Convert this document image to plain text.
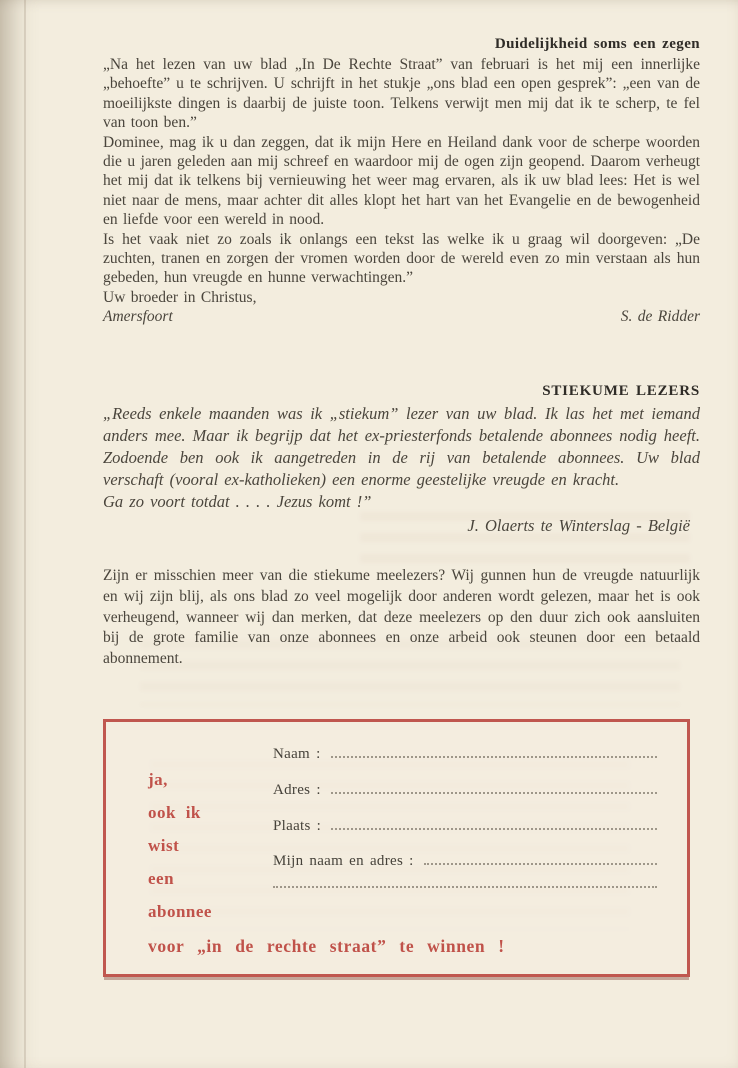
Duidelijkheid soms een zegen

„Na het lezen van uw blad „In De Rechte Straat” van februari is het mij een innerlijke „behoefte” u te schrijven. U schrijft in het stukje „ons blad een open gesprek”: „een van de moeilijkste dingen is daarbij de juiste toon. Telkens verwijt men mij dat ik te scherp, te fel van toon ben.”

Dominee, mag ik u dan zeggen, dat ik mijn Here en Heiland dank voor de scherpe woorden die u jaren geleden aan mij schreef en waardoor mij de ogen zijn geopend. Daarom verheugt het mij dat ik telkens bij vernieuwing het weer mag ervaren, als ik uw blad lees: Het is wel niet naar de mens, maar achter dit alles klopt het hart van het Evangelie en de bewogenheid en liefde voor een wereld in nood.

Is het vaak niet zo zoals ik onlangs een tekst las welke ik u graag wil doorgeven: „De zuchten, tranen en zorgen der vromen worden door de wereld even zo min verstaan als hun gebeden, hun vreugde en hunne verwachtingen.”

Uw broeder in Christus,

Amersfoort	S. de Ridder
STIEKUME LEZERS

„Reeds enkele maanden was ik „stiekum” lezer van uw blad. Ik las het met iemand anders mee. Maar ik begrijp dat het ex-priesterfonds betalende abonnees nodig heeft. Zodoende ben ook ik aangetreden in de rij van betalende abonnees. Uw blad verschaft (vooral ex-katholieken) een enorme geestelijke vreugde en kracht.

Ga zo voort totdat . . . . Jezus komt !”

J. Olaerts te Winterslag - België

Zijn er misschien meer van die stiekume meelezers? Wij gunnen hun de vreugde natuurlijk en wij zijn blij, als ons blad zo veel mogelijk door anderen wordt gelezen, maar het is ook verheugend, wanneer wij dan merken, dat deze meelezers op den duur zich ook aansluiten bij de grote familie van onze abonnees en onze arbeid ook steunen door een betaald abonnement.

Naam :
Adres :
Plaats :
Mijn naam en adres :
ja,
ook ik
wist
een
abonnee
voor „in de rechte straat” te winnen !
